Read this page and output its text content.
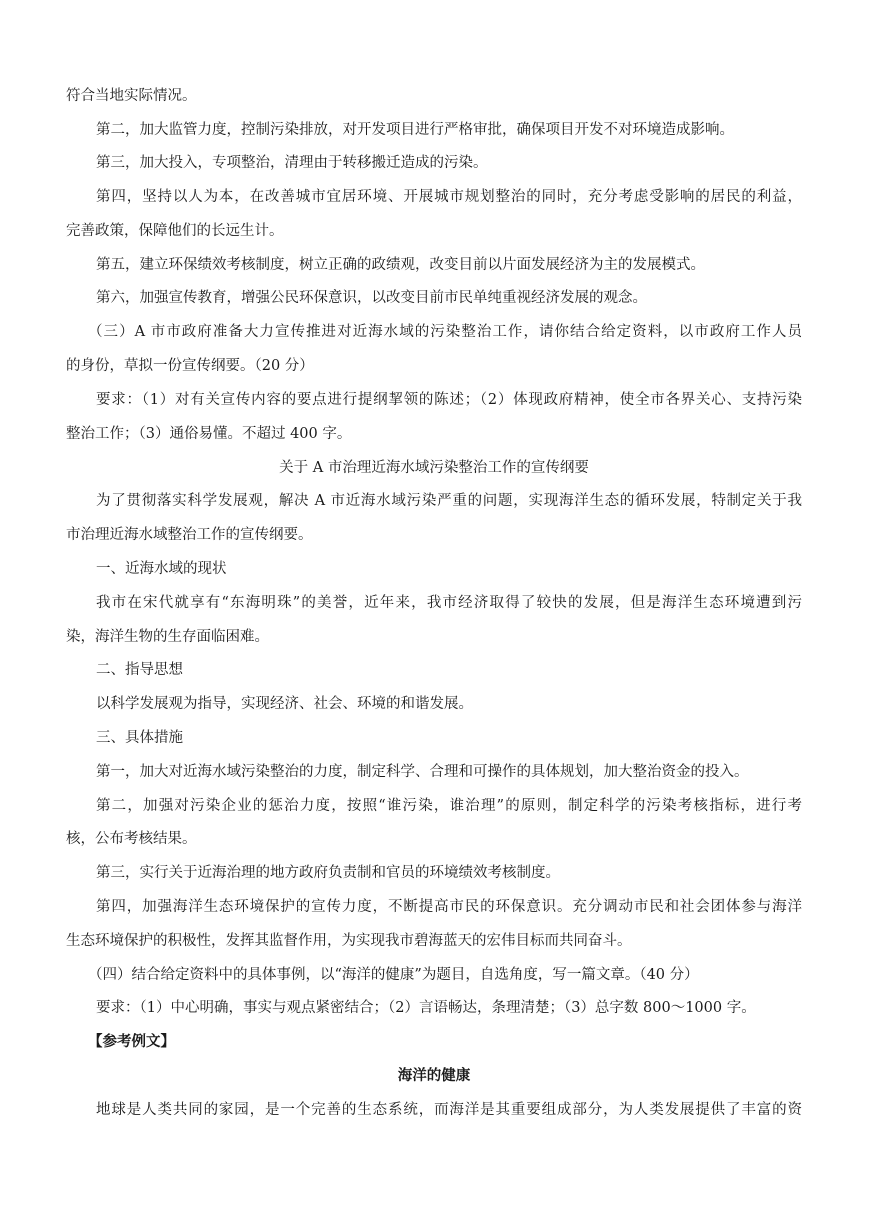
符合当地实际情况。
第二，加大监管力度，控制污染排放，对开发项目进行严格审批，确保项目开发不对环境造成影响。
第三，加大投入，专项整治，清理由于转移搬迁造成的污染。
第四，坚持以人为本，在改善城市宜居环境、开展城市规划整治的同时，充分考虑受影响的居民的利益，
完善政策，保障他们的长远生计。
第五，建立环保绩效考核制度，树立正确的政绩观，改变目前以片面发展经济为主的发展模式。
第六，加强宣传教育，增强公民环保意识，以改变目前市民单纯重视经济发展的观念。
（三）A 市市政府准备大力宣传推进对近海水域的污染整治工作，请你结合给定资料，以市政府工作人员
的身份，草拟一份宣传纲要。（20 分）
要求：（1）对有关宣传内容的要点进行提纲挈领的陈述；（2）体现政府精神，使全市各界关心、支持污染
整治工作；（3）通俗易懂。不超过 400 字。
关于 A 市治理近海水域污染整治工作的宣传纲要
为了贯彻落实科学发展观，解决 A 市近海水域污染严重的问题，实现海洋生态的循环发展，特制定关于我
市治理近海水域整治工作的宣传纲要。
一、近海水域的现状
我市在宋代就享有“东海明珠”的美誉，近年来，我市经济取得了较快的发展，但是海洋生态环境遭到污
染，海洋生物的生存面临困难。
二、指导思想
以科学发展观为指导，实现经济、社会、环境的和谐发展。
三、具体措施
第一，加大对近海水域污染整治的力度，制定科学、合理和可操作的具体规划，加大整治资金的投入。
第二，加强对污染企业的惩治力度，按照“谁污染，谁治理”的原则，制定科学的污染考核指标，进行考
核，公布考核结果。
第三，实行关于近海治理的地方政府负责制和官员的环境绩效考核制度。
第四，加强海洋生态环境保护的宣传力度，不断提高市民的环保意识。充分调动市民和社会团体参与海洋
生态环境保护的积极性，发挥其监督作用，为实现我市碧海蓝天的宏伟目标而共同奋斗。
（四）结合给定资料中的具体事例，以“海洋的健康”为题目，自选角度，写一篇文章。（40 分）
要求：（1）中心明确，事实与观点紧密结合；（2）言语畅达，条理清楚；（3）总字数 800～1000 字。
【参考例文】
海洋的健康
地球是人类共同的家园，是一个完善的生态系统，而海洋是其重要组成部分，为人类发展提供了丰富的资
